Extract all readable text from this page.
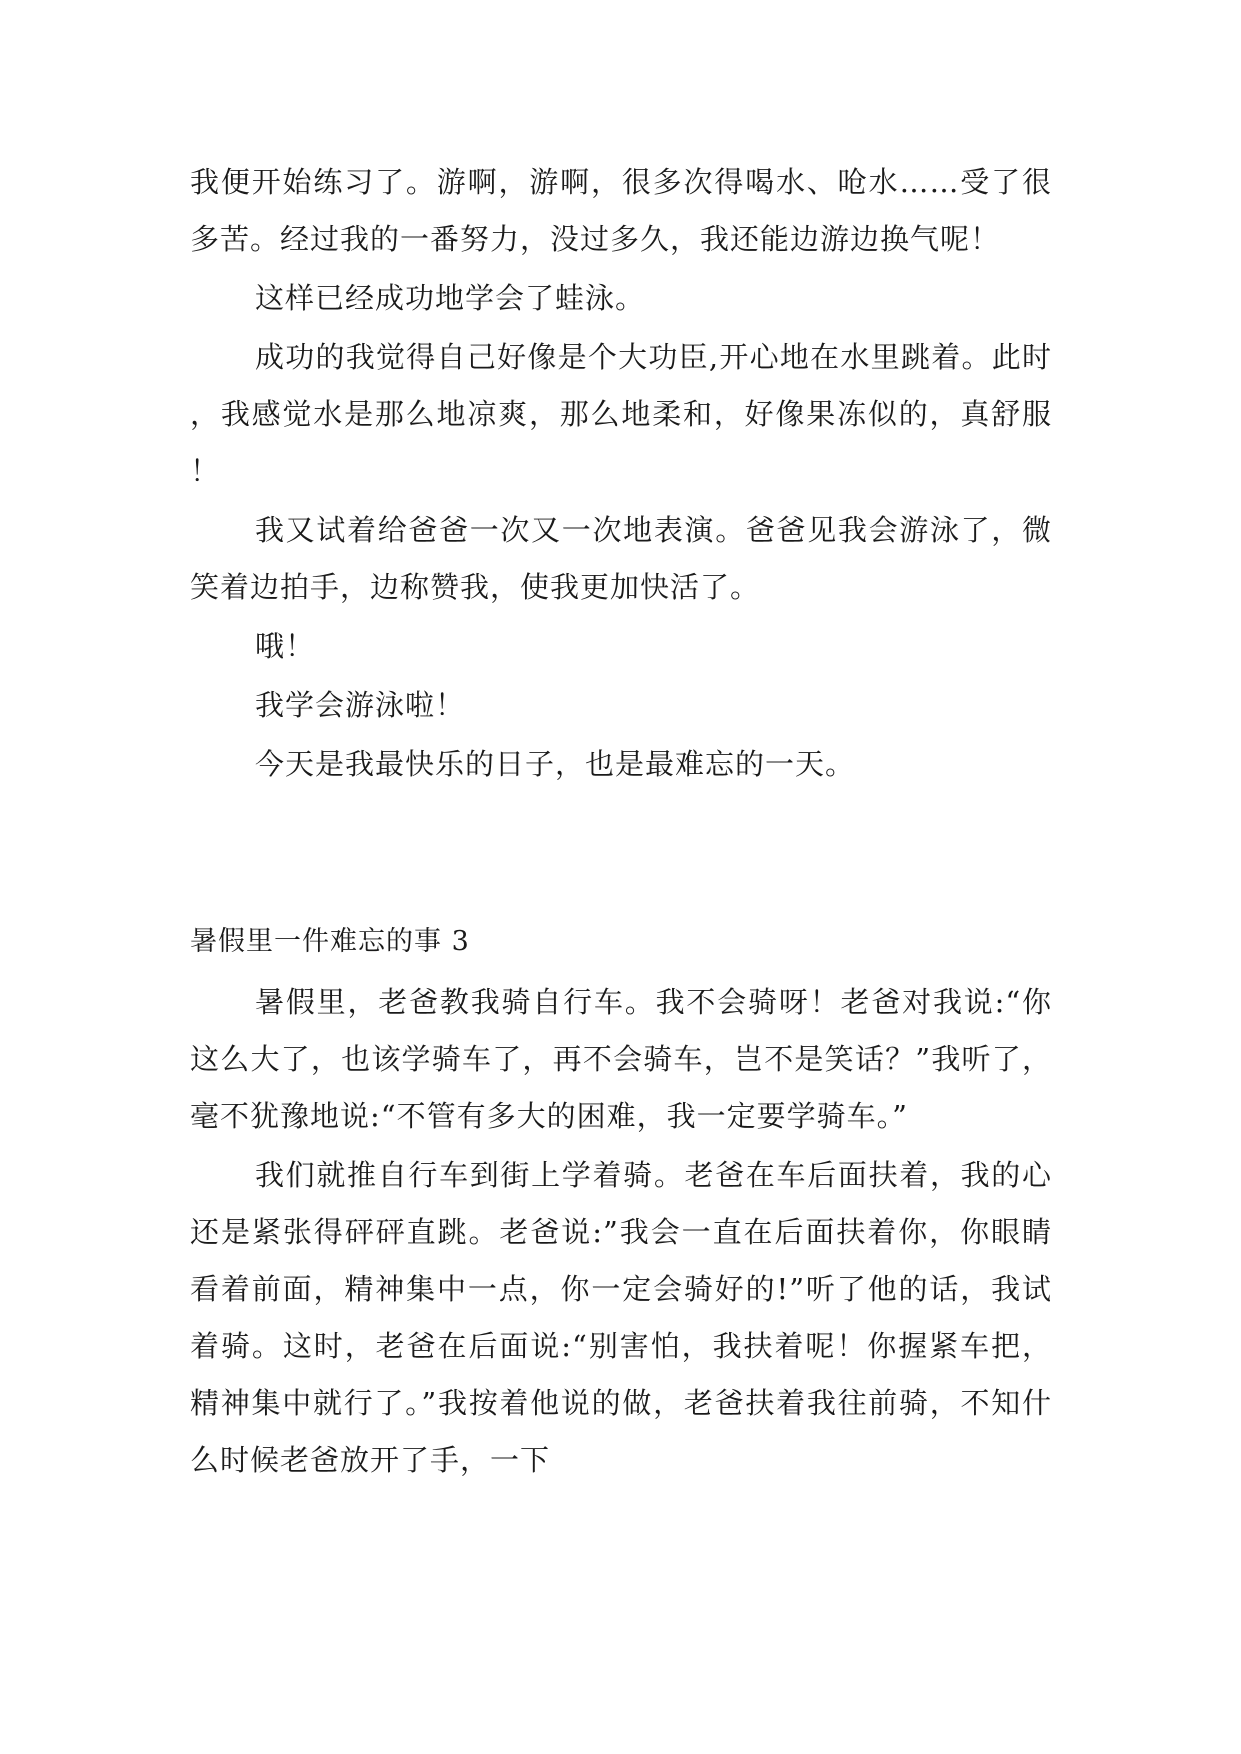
我便开始练习了。游啊，游啊，很多次得喝水、呛水……受了很多苦。经过我的一番努力，没过多久，我还能边游边换气呢！

这样已经成功地学会了蛙泳。

成功的我觉得自己好像是个大功臣,开心地在水里跳着。此时，我感觉水是那么地凉爽，那么地柔和，好像果冻似的，真舒服！

我又试着给爸爸一次又一次地表演。爸爸见我会游泳了，微笑着边拍手，边称赞我，使我更加快活了。

哦！

我学会游泳啦！

今天是我最快乐的日子，也是最难忘的一天。

暑假里一件难忘的事 3

暑假里，老爸教我骑自行车。我不会骑呀！老爸对我说:“你这么大了，也该学骑车了，再不会骑车，岂不是笑话？”我听了，毫不犹豫地说:“不管有多大的困难，我一定要学骑车。”

我们就推自行车到街上学着骑。老爸在车后面扶着，我的心还是紧张得砰砰直跳。老爸说:”我会一直在后面扶着你，你眼睛看着前面，精神集中一点，你一定会骑好的!”听了他的话，我试着骑。这时，老爸在后面说:“别害怕，我扶着呢！你握紧车把，精神集中就行了。”我按着他说的做，老爸扶着我往前骑，不知什么时候老爸放开了手，一下
